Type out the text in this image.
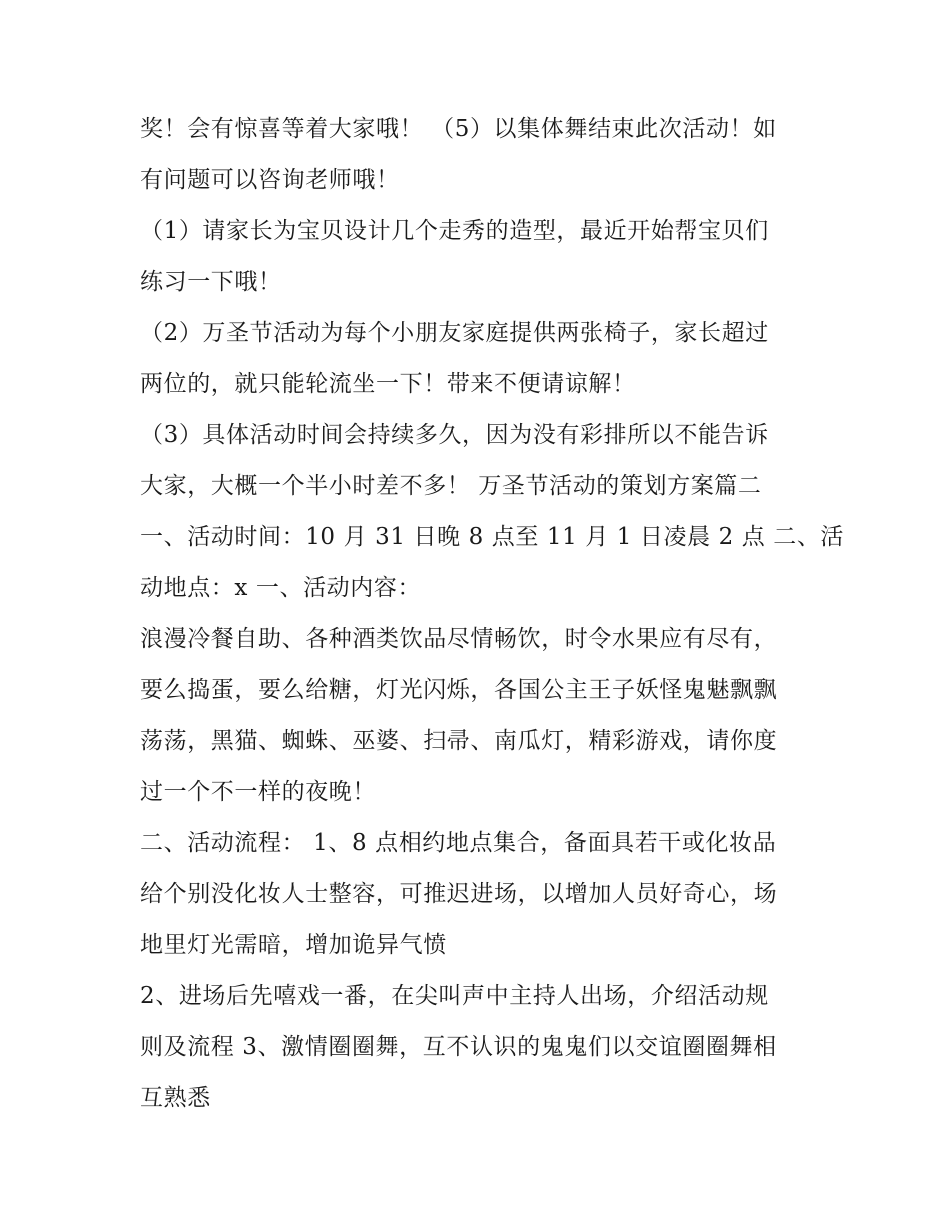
奖！会有惊喜等着大家哦！ （5）以集体舞结束此次活动！如
有问题可以咨询老师哦！
（1）请家长为宝贝设计几个走秀的造型，最近开始帮宝贝们
练习一下哦！
（2）万圣节活动为每个小朋友家庭提供两张椅子，家长超过
两位的，就只能轮流坐一下！带来不便请谅解！
（3）具体活动时间会持续多久，因为没有彩排所以不能告诉
大家，大概一个半小时差不多！ 万圣节活动的策划方案篇二
一、活动时间：10 月 31 日晚 8 点至 11 月 1 日凌晨 2 点 二、活
动地点：x 一、活动内容：
浪漫冷餐自助、各种酒类饮品尽情畅饮，时令水果应有尽有，
要么捣蛋，要么给糖，灯光闪烁，各国公主王子妖怪鬼魅飘飘
荡荡，黑猫、蜘蛛、巫婆、扫帚、南瓜灯，精彩游戏，请你度
过一个不一样的夜晚！
二、活动流程： 1、8 点相约地点集合，备面具若干或化妆品
给个别没化妆人士整容，可推迟进场，以增加人员好奇心，场
地里灯光需暗，增加诡异气愤
2、进场后先嘻戏一番，在尖叫声中主持人出场，介绍活动规
则及流程 3、激情圈圈舞，互不认识的鬼鬼们以交谊圈圈舞相
互熟悉
